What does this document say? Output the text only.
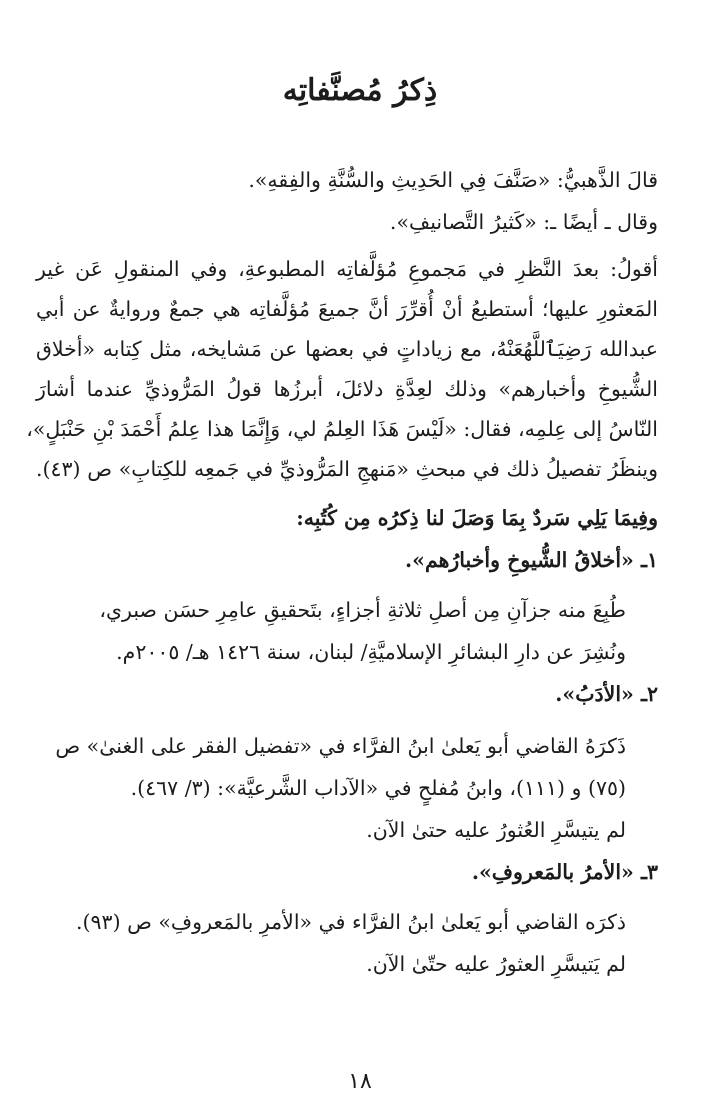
ذِكرُ مُصنَّفاتِه
قالَ الذَّهبيُّ: «صَنَّفَ فِي الحَدِيثِ والسُّنَّةِ والفِقهِ».
وقال ـ أيضًا ـ: «كَثيرُ التَّصانيفِ».
أقولُ: بعدَ النَّظرِ في مَجموعِ مُؤلَّفاتِه المطبوعةِ، وفي المنقولِ عَن غير
المَعثورِ عليها؛ أستطيعُ أنْ أُقرِّرَ أنَّ جميعَ مُؤلَّفاتِه هي جمعٌ وروايةٌ عن أبي
عبدالله رَضِيَٱللَّهُعَنْهُ، مع زياداتٍ في بعضها عن مَشايخه، مثل كِتابه «أخلاق
الشُّيوخِ وأخبارهم» وذلك لعِدَّةِ دلائلَ، أبرزُها قولُ المَرُّوذيِّ عندما أشارَ
النّاسُ إلى عِلمِه، فقال: «لَيْسَ هَذَا العِلمُ لي، وَإِنَّمَا هذا عِلمُ أَحْمَدَ بْنِ حَنْبَلٍ»،
وينظَرُ تفصيلُ ذلك في مبحثِ «مَنهجِ المَرُّوذيِّ في جَمعِه للكِتابِ» ص (٤٣).
وفِيمَا يَلِي سَردٌ بِمَا وَصَلَ لنا ذِكرُه مِن كُتُبِه:
١ـ «أخلاقُ الشُّيوخِ وأخبارُهم».
طُبِعَ منه جزآنِ مِن أصلِ ثلاثةِ أجزاءٍ، بتَحقيقِ عامِرِ حسَن صبري،
ونُشِرَ عن دارِ البشائرِ الإسلاميَّةِ/ لبنان، سنة ١٤٢٦ هـ/ ٢٠٠٥م.
٢ـ «الأدَبُ».
ذَكرَهُ القاضي أبو يَعلىٰ ابنُ الفرَّاء في «تفضيل الفقر على الغنىٰ» ص
(٧٥) و (١١١)، وابنُ مُفلحٍ في «الآداب الشَّرعيَّة»: (٣/ ٤٦٧).
لم يتيسَّرِ العُثورُ عليه حتىٰ الآن.
٣ـ «الأمرُ بالمَعروفِ».
ذكرَه القاضي أبو يَعلىٰ ابنُ الفرَّاء في «الأمرِ بالمَعروفِ» ص (٩٣).
لم يَتيسَّرِ العثورُ عليه حتّىٰ الآن.
١٨
